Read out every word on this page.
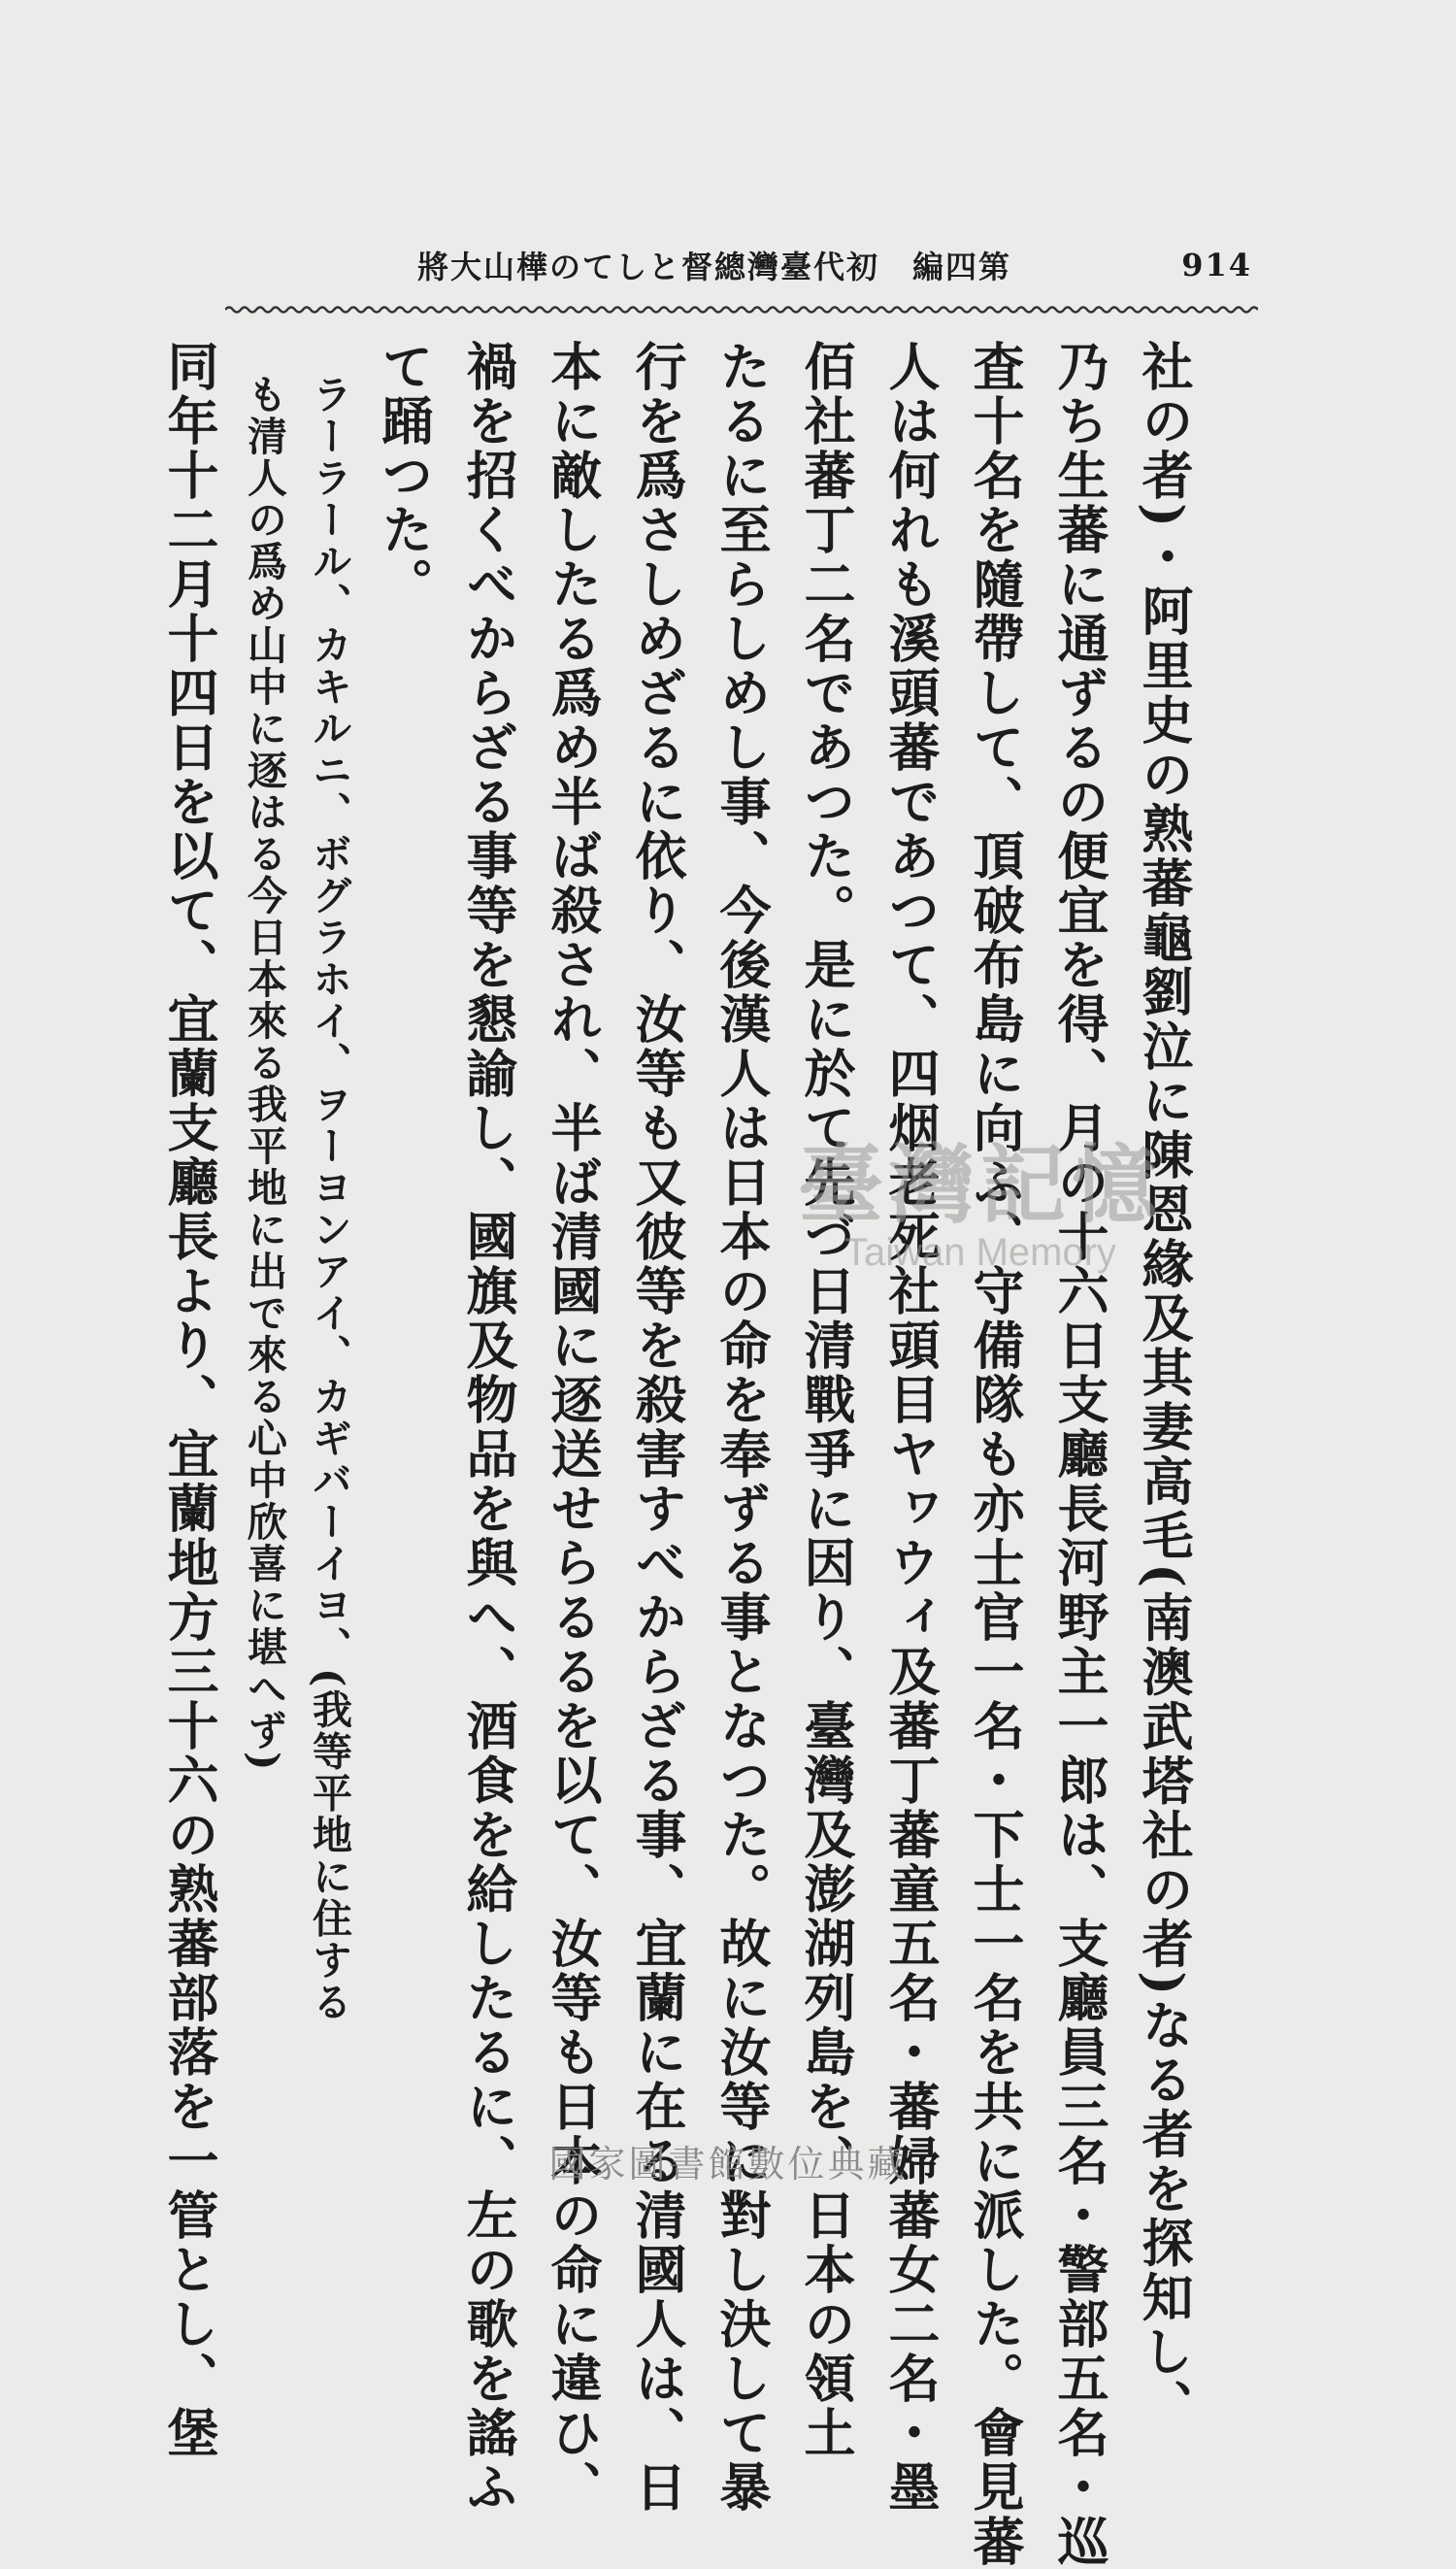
將大山樺のてしと督總灣臺代初　編四第	914
社の者)・阿里史の熟蕃龜劉泣に陳恩緣及其妻高毛(南澳武塔社の者)なる者を探知し、
乃ち生蕃に通ずるの便宜を得、月の十六日支廳長河野主一郎は、支廳員三名・警部五名・巡
査十名を隨帶して、頂破布島に向ふ、守備隊も亦士官一名・下士一名を共に派した。會見蕃
人は何れも溪頭蕃であつて、四烟老死社頭目ヤヮウィ及蕃丁蕃童五名・蕃婦蕃女二名・墨
佰社蕃丁二名であつた。是に於て先づ日清戰爭に因り、臺灣及澎湖列島を、日本の領土
たるに至らしめし事、今後漢人は日本の命を奉ずる事となつた。故に汝等に對し決して暴
行を爲さしめざるに依り、汝等も又彼等を殺害すべからざる事、宜蘭に在る清國人は、日
本に敵したる爲め半ば殺され、半ば清國に逐送せらるるを以て、汝等も日本の命に違ひ、
禍を招くべからざる事等を懇諭し、國旗及物品を與へ、酒食を給したるに、左の歌を謠ふ
て踊つた。
ラーラール、カキルニ、ボグラホイ、ヲーヨンアイ、カギバーイヨ、(我等平地に住する
も清人の爲め山中に逐はる今日本來る我平地に出で來る心中欣喜に堪へず)
同年十二月十四日を以て、宜蘭支廳長より、宜蘭地方三十六の熟蕃部落を一管とし、堡	臺灣記憶
Taiwan Memory
國家圖書館數位典藏
